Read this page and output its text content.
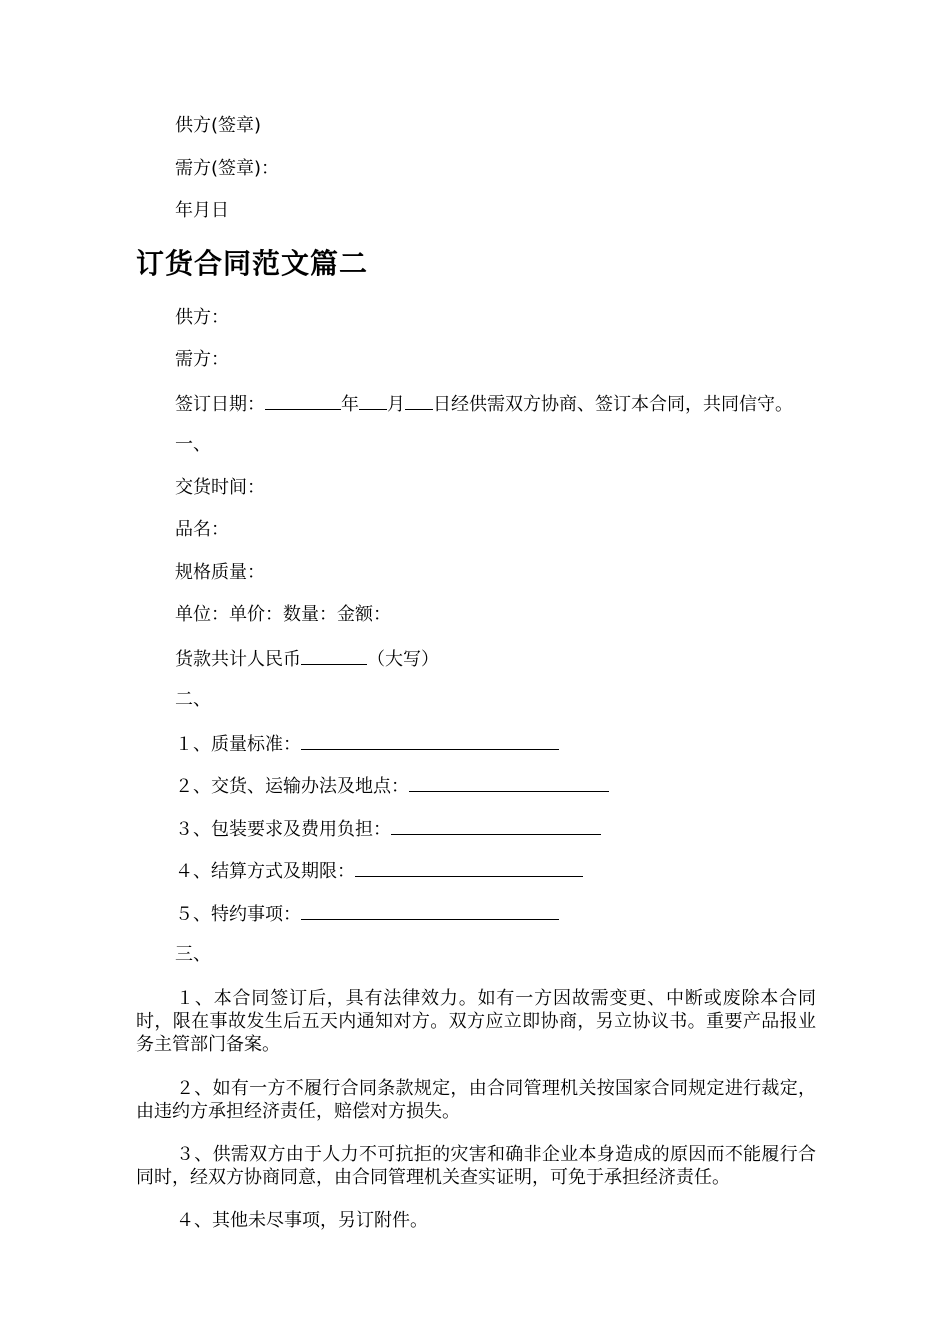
供方(签章)
需方(签章)：
年月日
订货合同范文篇二
供方：
需方：
签订日期：	年 月 日经供需双方协商、签订本合同，共同信守。
一、
交货时间：
品名：
规格质量：
单位：单价：数量：金额：
货款共计人民币	（大写）
二、
１、质量标准：
２、交货、运输办法及地点：
３、包装要求及费用负担：
４、结算方式及期限：
５、特约事项：
三、
１、本合同签订后，具有法律效力。如有一方因故需变更、中断或废除本合同时，限在事故发生后五天内通知对方。双方应立即协商，另立协议书。重要产品报业务主管部门备案。
２、如有一方不履行合同条款规定，由合同管理机关按国家合同规定进行裁定，由违约方承担经济责任，赔偿对方损失。
３、供需双方由于人力不可抗拒的灾害和确非企业本身造成的原因而不能履行合同时，经双方协商同意，由合同管理机关查实证明，可免于承担经济责任。
４、其他未尽事项，另订附件。
